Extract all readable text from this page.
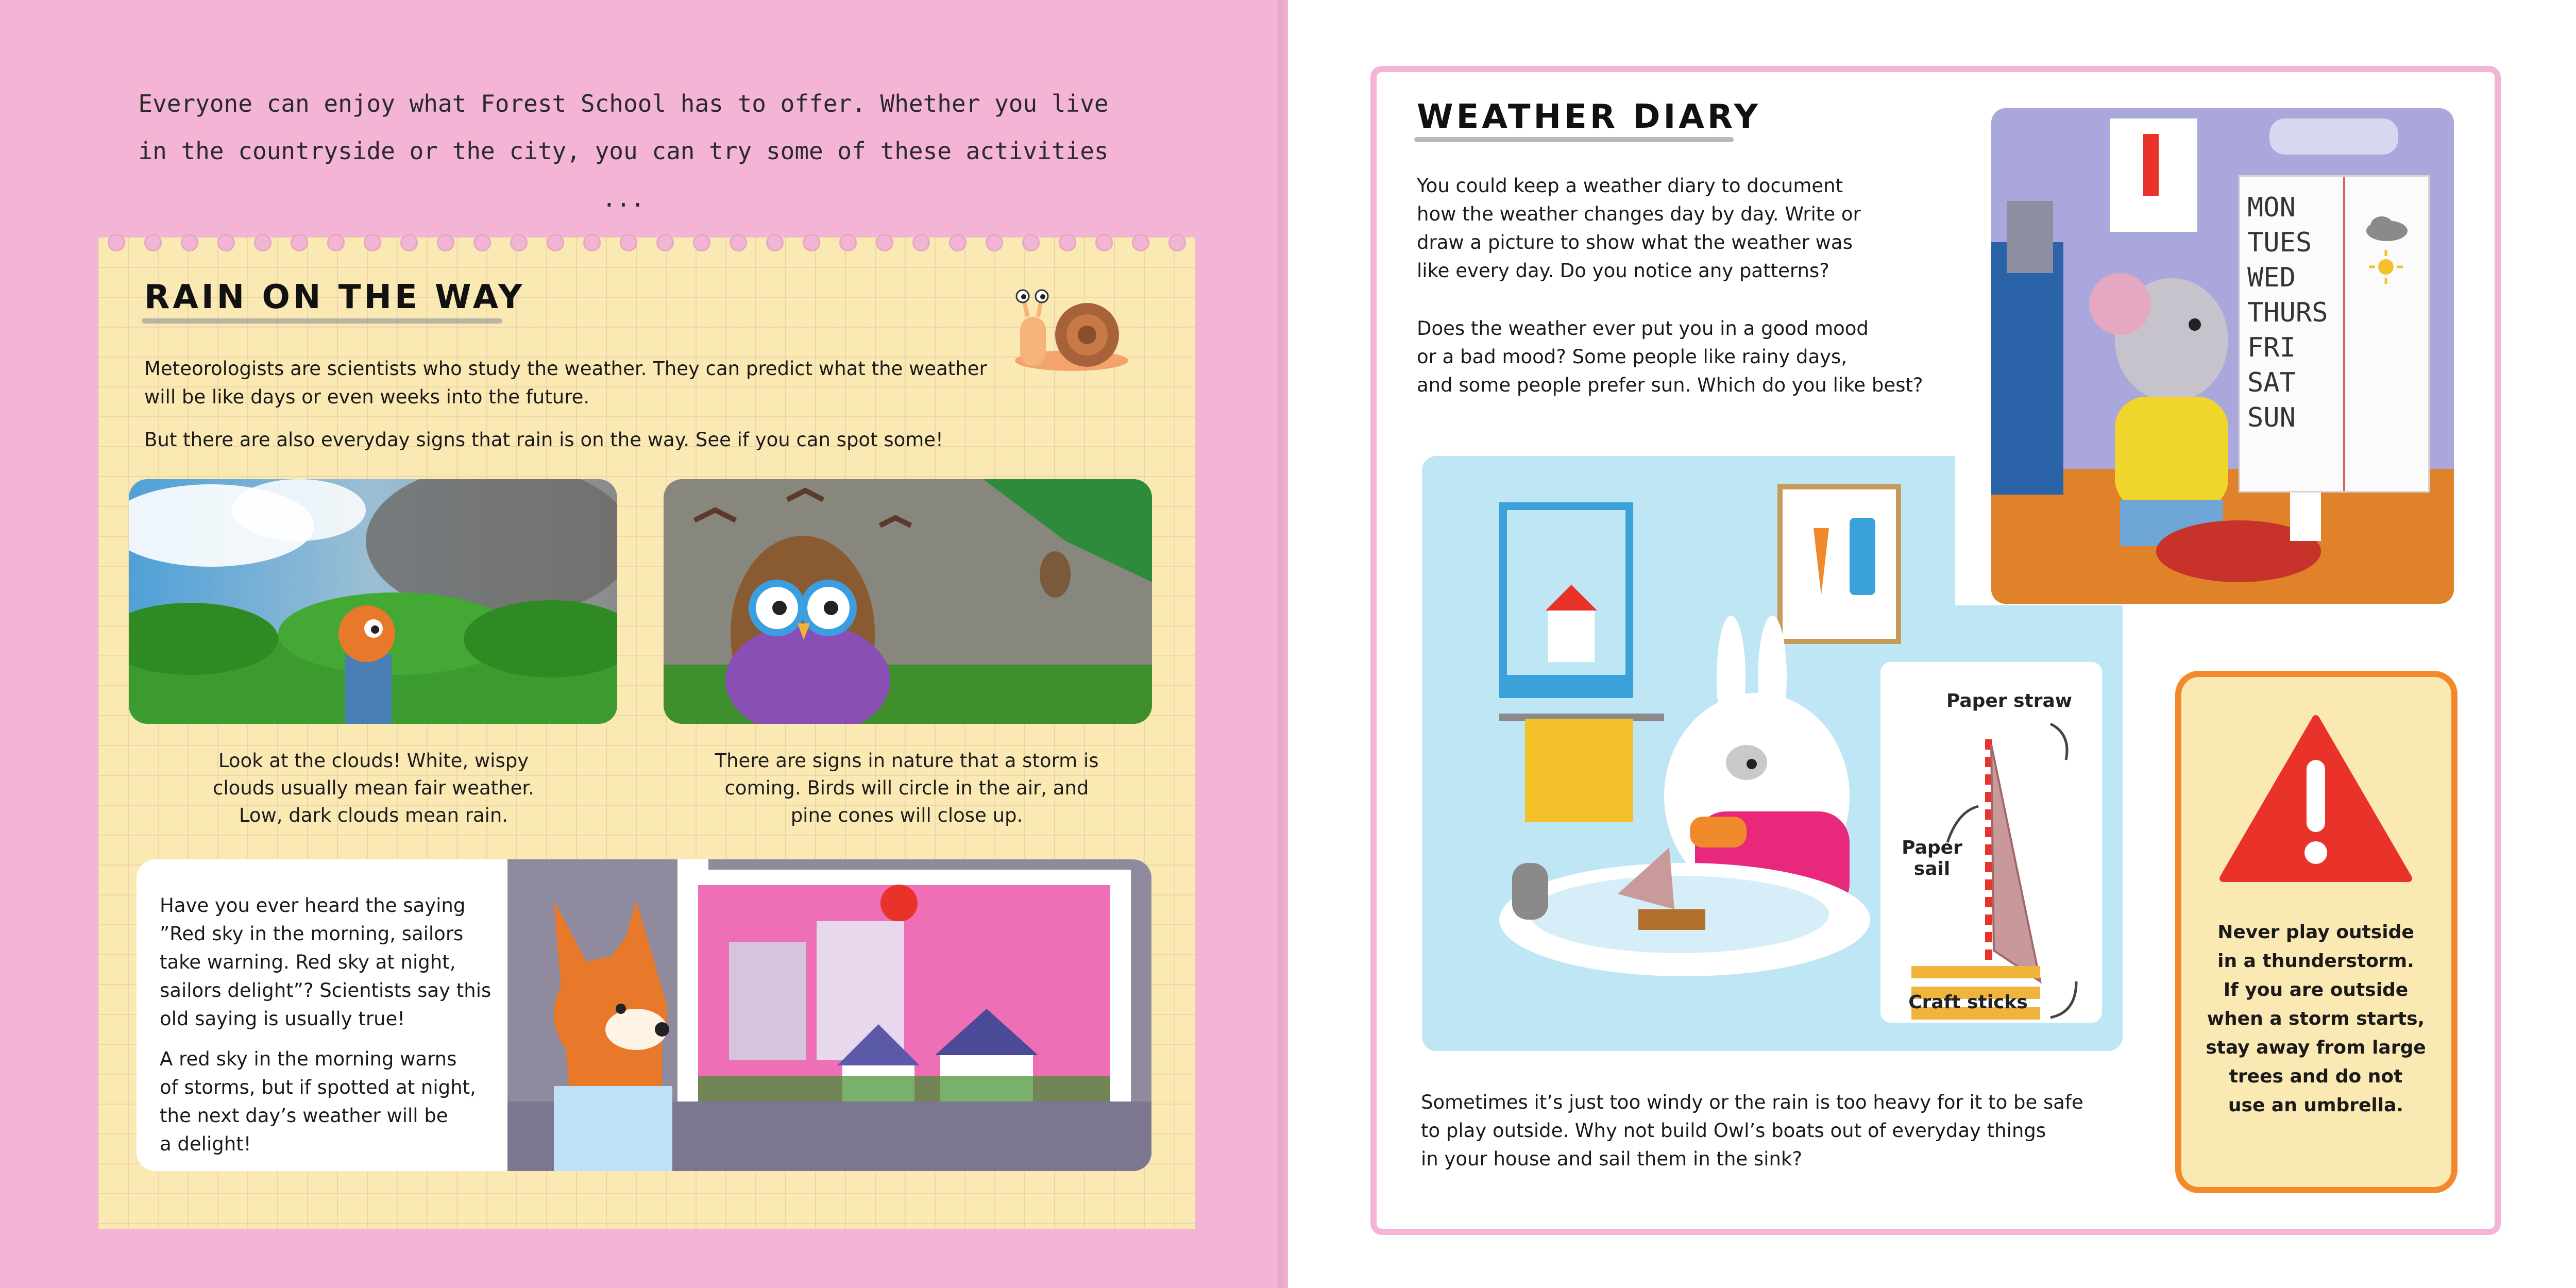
Everyone can enjoy what Forest School has to offer. Whether you live
in the countryside or the city, you can try some of these activities ...
RAIN ON THE WAY
Meteorologists are scientists who study the weather. They can predict what the weather
will be like days or even weeks into the future.
But there are also everyday signs that rain is on the way. See if you can spot some!
Look at the clouds! White, wispy
clouds usually mean fair weather.
Low, dark clouds mean rain.
There are signs in nature that a storm is
coming. Birds will circle in the air, and
pine cones will close up.
Have you ever heard the saying
”Red sky in the morning, sailors
take warning. Red sky at night,
sailors delight”? Scientists say this
old saying is usually true!
A red sky in the morning warns
of storms, but if spotted at night,
the next day’s weather will be
a delight!
WEATHER DIARY
You could keep a weather diary to document
how the weather changes day by day. Write or
draw a picture to show what the weather was
like every day. Do you notice any patterns?
Does the weather ever put you in a good mood
or a bad mood? Some people like rainy days,
and some people prefer sun. Which do you like best?
MON
TUES
WED
THURS
FRI
SAT
SUN
Paper straw
Paper
sail
Craft sticks
Sometimes it’s just too windy or the rain is too heavy for it to be safe
to play outside. Why not build Owl’s boats out of everyday things
in your house and sail them in the sink?
Never play outside
in a thunderstorm.
If you are outside
when a storm starts,
stay away from large
trees and do not
use an umbrella.
